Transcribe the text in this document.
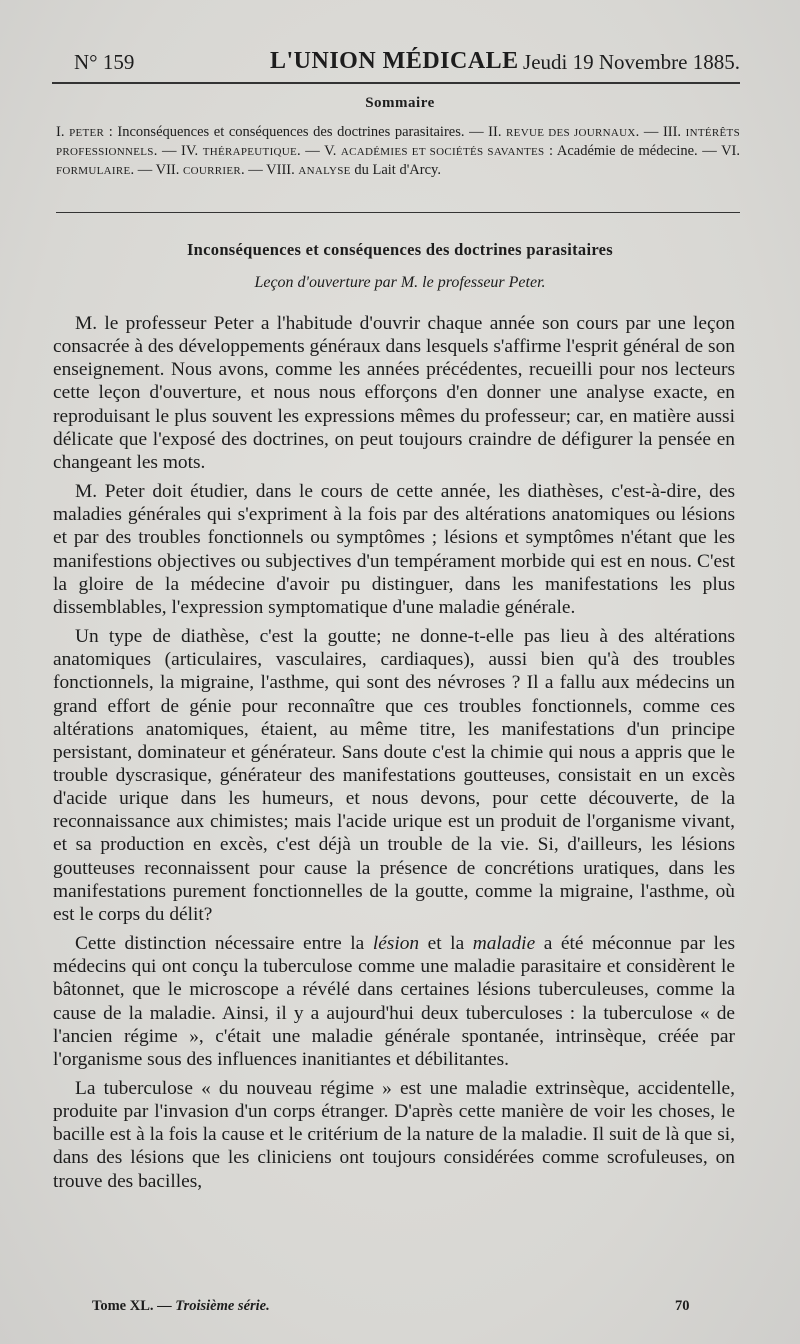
N° 159	L'UNION MÉDICALE Jeudi 19 Novembre 1885.
Sommaire
I. PETER : Inconséquences et conséquences des doctrines parasitaires. — II. REVUE DES JOURNAUX. — III. INTÉRÊTS PROFESSIONNELS. — IV. THÉRAPEUTIQUE. — V. ACADÉMIES ET SOCIÉTÉS SAVANTES : Académie de médecine. — VI. FORMULAIRE. — VII. COURRIER. — VIII. ANALYSE du Lait d'Arcy.
Inconséquences et conséquences des doctrines parasitaires
Leçon d'ouverture par M. le professeur Peter.

M. le professeur Peter a l'habitude d'ouvrir chaque année son cours par une leçon consacrée à des développements généraux dans lesquels s'affirme l'esprit général de son enseignement. Nous avons, comme les années précédentes, recueilli pour nos lecteurs cette leçon d'ouverture, et nous nous efforçons d'en donner une analyse exacte, en reproduisant le plus souvent les expressions mêmes du professeur; car, en matière aussi délicate que l'exposé des doctrines, on peut toujours craindre de défigurer la pensée en changeant les mots.

M. Peter doit étudier, dans le cours de cette année, les diathèses, c'est-à-dire, des maladies générales qui s'expriment à la fois par des altérations anatomiques ou lésions et par des troubles fonctionnels ou symptômes ; lésions et symptômes n'étant que les manifestions objectives ou subjectives d'un tempérament morbide qui est en nous. C'est la gloire de la médecine d'avoir pu distinguer, dans les manifestations les plus dissemblables, l'expression symptomatique d'une maladie générale.

Un type de diathèse, c'est la goutte; ne donne-t-elle pas lieu à des altérations anatomiques (articulaires, vasculaires, cardiaques), aussi bien qu'à des troubles fonctionnels, la migraine, l'asthme, qui sont des névroses ? Il a fallu aux médecins un grand effort de génie pour reconnaître que ces troubles fonctionnels, comme ces altérations anatomiques, étaient, au même titre, les manifestations d'un principe persistant, dominateur et générateur. Sans doute c'est la chimie qui nous a appris que le trouble dyscrasique, générateur des manifestations goutteuses, consistait en un excès d'acide urique dans les humeurs, et nous devons, pour cette découverte, de la reconnaissance aux chimistes; mais l'acide urique est un produit de l'organisme vivant, et sa production en excès, c'est déjà un trouble de la vie. Si, d'ailleurs, les lésions goutteuses reconnaissent pour cause la présence de concrétions uratiques, dans les manifestations purement fonctionnelles de la goutte, comme la migraine, l'asthme, où est le corps du délit?

Cette distinction nécessaire entre la lésion et la maladie a été méconnue par les médecins qui ont conçu la tuberculose comme une maladie parasitaire et considèrent le bâtonnet, que le microscope a révélé dans certaines lésions tuberculeuses, comme la cause de la maladie. Ainsi, il y a aujourd'hui deux tuberculoses : la tuberculose « de l'ancien régime », c'était une maladie générale spontanée, intrinsèque, créée par l'organisme sous des influences inanitiantes et débilitantes.

La tuberculose « du nouveau régime » est une maladie extrinsèque, accidentelle, produite par l'invasion d'un corps étranger. D'après cette manière de voir les choses, le bacille est à la fois la cause et le critérium de la nature de la maladie. Il suit de là que si, dans des lésions que les cliniciens ont toujours considérées comme scrofuleuses, on trouve des bacilles,

Tome XL. — Troisième série.	70
